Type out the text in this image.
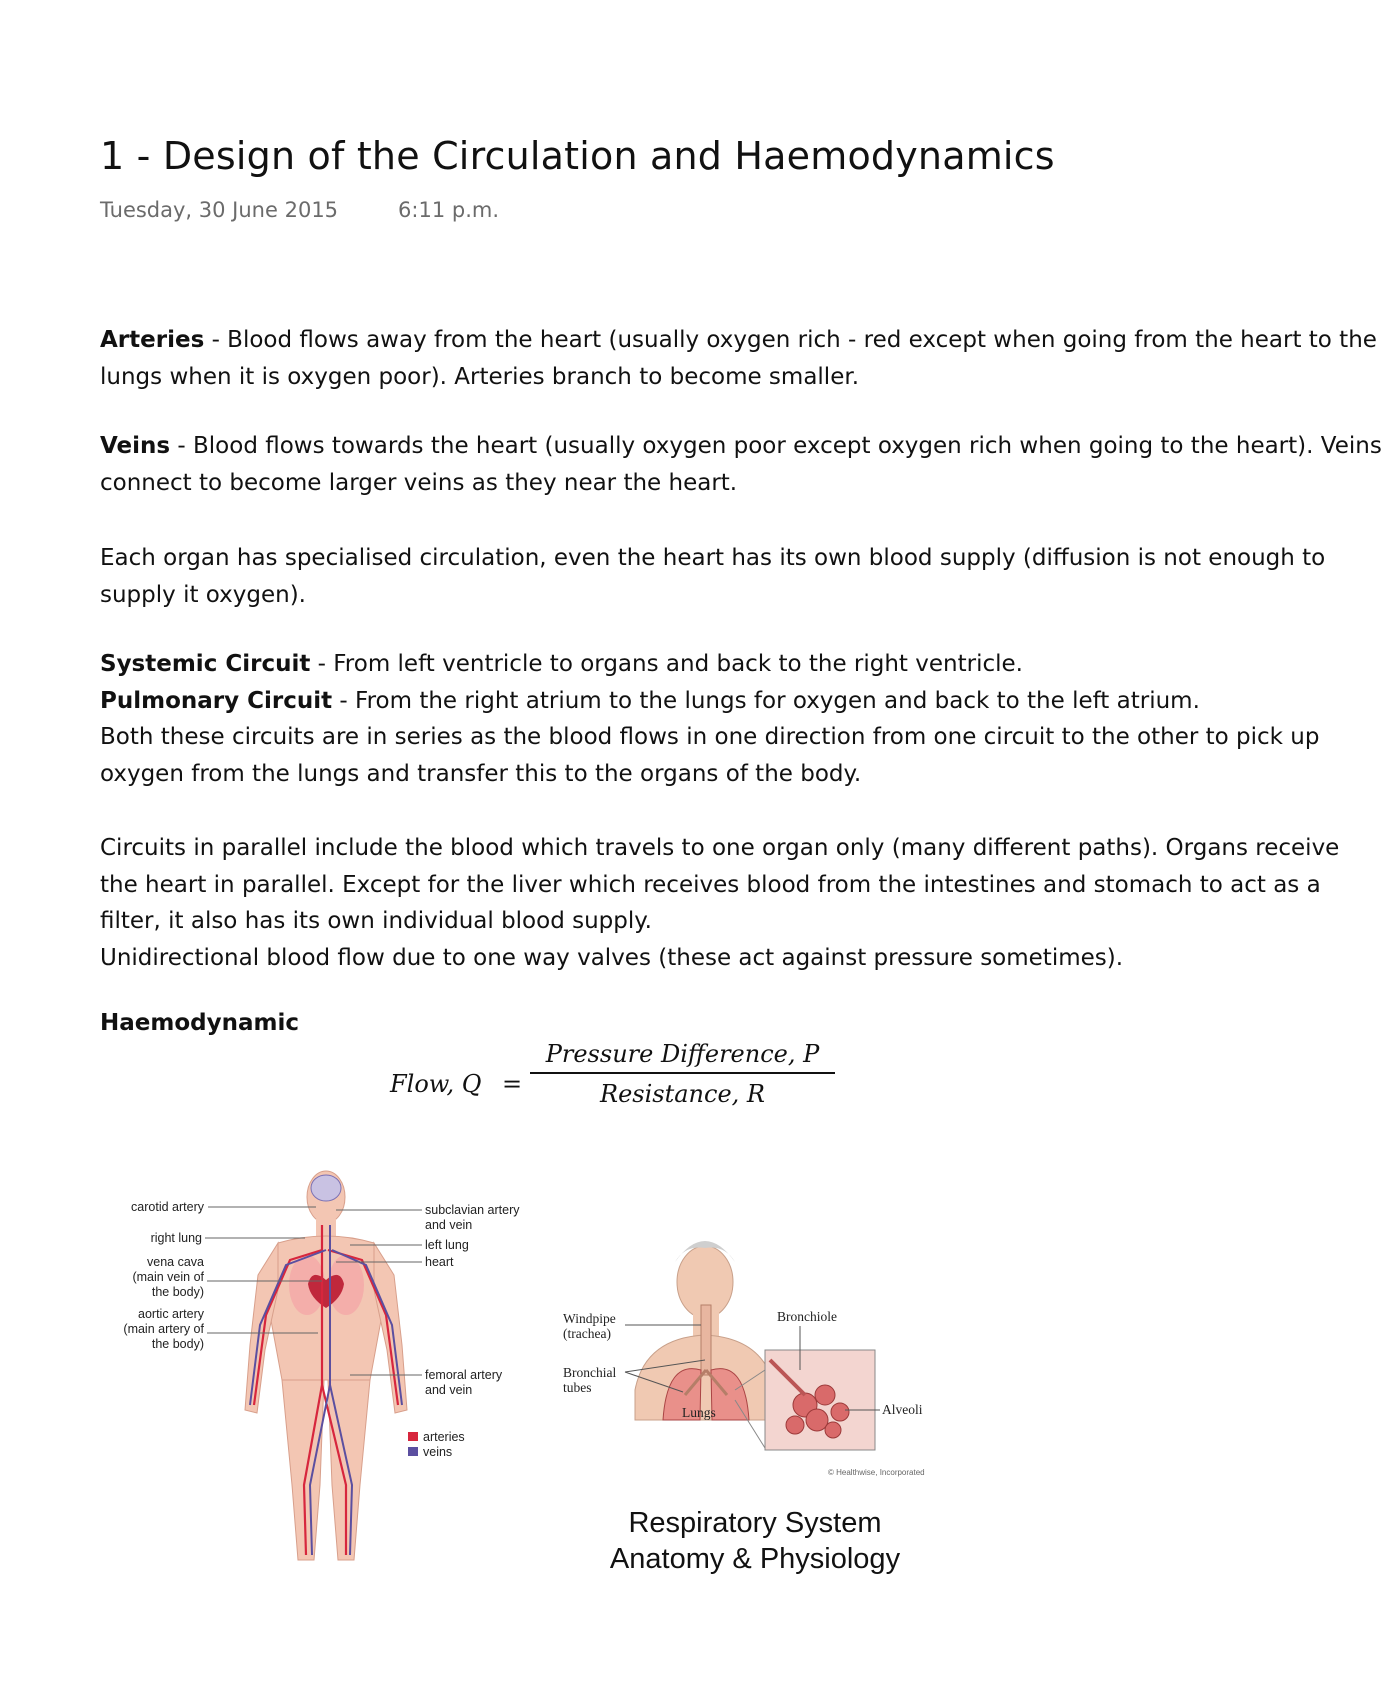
1 - Design of the Circulation and Haemodynamics
Tuesday, 30 June 2015	6:11 p.m.
Arteries - Blood flows away from the heart (usually oxygen rich - red except when going from the heart to the
lungs when it is oxygen poor). Arteries branch to become smaller.
Veins - Blood flows towards the heart (usually oxygen poor except oxygen rich when going to the heart). Veins
connect to become larger veins as they near the heart.
Each organ has specialised circulation, even the heart has its own blood supply (diffusion is not enough to
supply it oxygen).
Systemic Circuit - From left ventricle to organs and back to the right ventricle.
Pulmonary Circuit - From the right atrium to the lungs for oxygen and back to the left atrium.
Both these circuits are in series as the blood flows in one direction from one circuit to the other to pick up
oxygen from the lungs and transfer this to the organs of the body.
Circuits in parallel include the blood which travels to one organ only (many different paths). Organs receive
the heart in parallel. Except for the liver which receives blood from the intestines and stomach to act as a
filter, it also has its own individual blood supply.
Unidirectional blood flow due to one way valves (these act against pressure sometimes).
Haemodynamic
Flow, Q =
Pressure Difference, P
Resistance, R
carotid artery
right lung
vena cava
(main vein of
the body)
aortic artery
(main artery of
the body)
subclavian artery
and vein
left lung
heart
femoral artery
and vein
arteries
veins
Windpipe
(trachea)
Bronchial
tubes
Lungs
Bronchiole
Alveoli
© Healthwise, Incorporated
Respiratory System
Anatomy & Physiology
